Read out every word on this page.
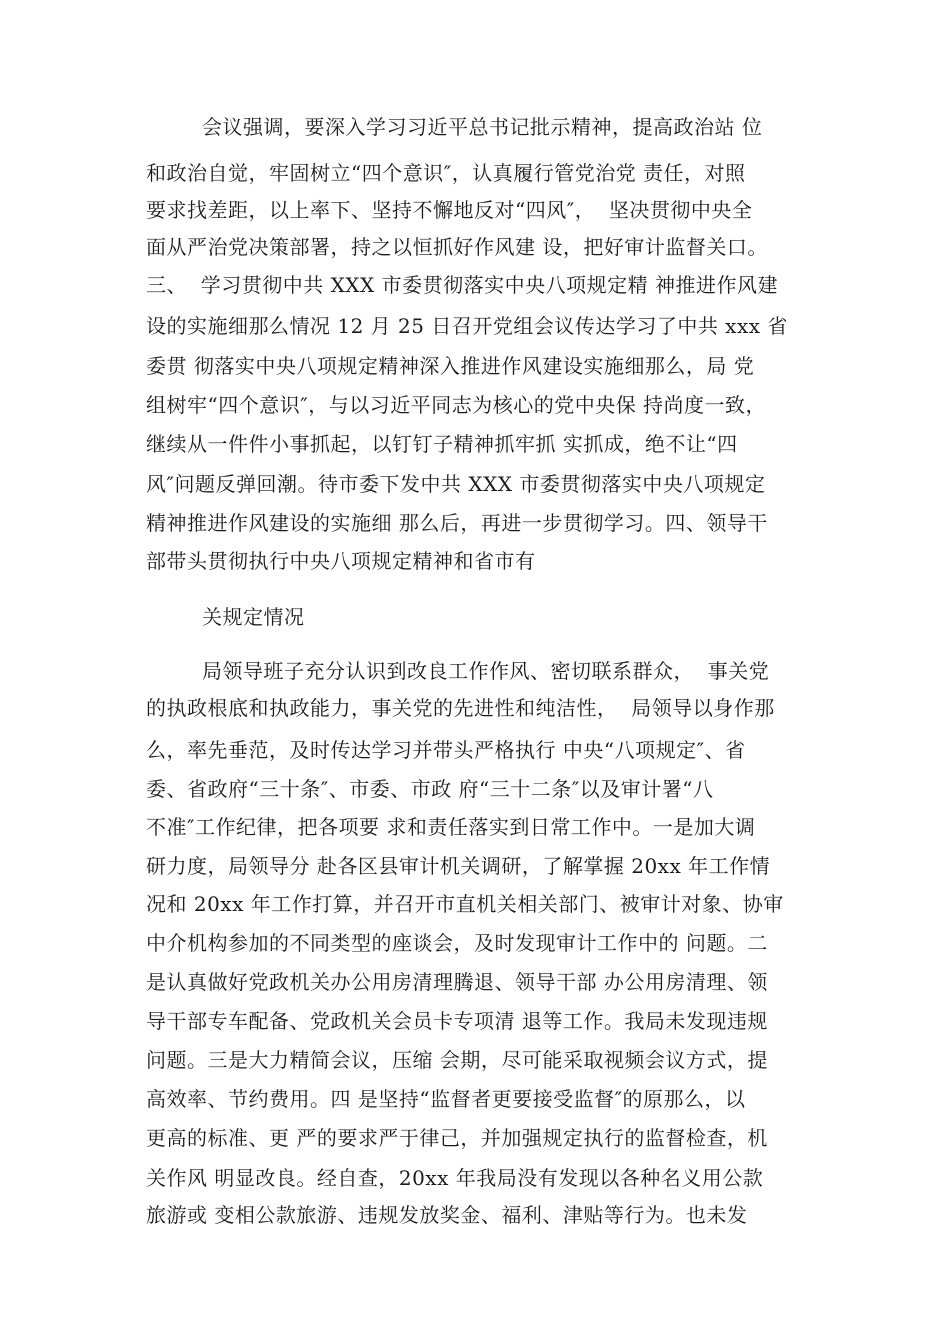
会议强调，要深入学习习近平总书记批示精神，提高政治站 位
和政治自觉，牢固树立“四个意识″，认真履行管党治党 责任，对照
要求找差距，以上率下、坚持不懈地反对“四风″，  坚决贯彻中央全
面从严治党决策部署，持之以恒抓好作风建 设，把好审计监督关口。
三、  学习贯彻中共 XXX 市委贯彻落实中央八项规定精 神推进作风建
设的实施细那么情况 12 月 25 日召开党组会议传达学习了中共 xxx 省
委贯 彻落实中央八项规定精神深入推进作风建设实施细那么，局 党
组树牢“四个意识″，与以习近平同志为核心的党中央保 持尚度一致，
继续从一件件小事抓起，以钉钉子精神抓牢抓 实抓成，绝不让“四
风″问题反弹回潮。待市委下发中共 XXX 市委贯彻落实中央八项规定
精神推进作风建设的实施细 那么后，再进一步贯彻学习。四、领导干
部带头贯彻执行中央八项规定精神和省市有
关规定情况
局领导班子充分认识到改良工作作风、密切联系群众，  事关党
的执政根底和执政能力，事关党的先进性和纯洁性，  局领导以身作那
么，率先垂范，及时传达学习并带头严格执行 中央“八项规定″、省
委、省政府“三十条″、市委、市政 府“三十二条″以及审计署“八
不准″工作纪律，把各项要 求和责任落实到日常工作中。一是加大调
研力度，局领导分 赴各区县审计机关调研，了解掌握 20xx 年工作情
况和 20xx 年工作打算，并召开市直机关相关部门、被审计对象、协审
中介机构参加的不同类型的座谈会，及时发现审计工作中的 问题。二
是认真做好党政机关办公用房清理腾退、领导干部 办公用房清理、领
导干部专车配备、党政机关会员卡专项清 退等工作。我局未发现违规
问题。三是大力精简会议，压缩 会期，尽可能采取视频会议方式，提
高效率、节约费用。四 是坚持“监督者更要接受监督″的原那么，以
更高的标准、更 严的要求严于律己，并加强规定执行的监督检查，机
关作风 明显改良。经自查，20xx 年我局没有发现以各种名义用公款
旅游或 变相公款旅游、违规发放奖金、福利、津贴等行为。也未发
